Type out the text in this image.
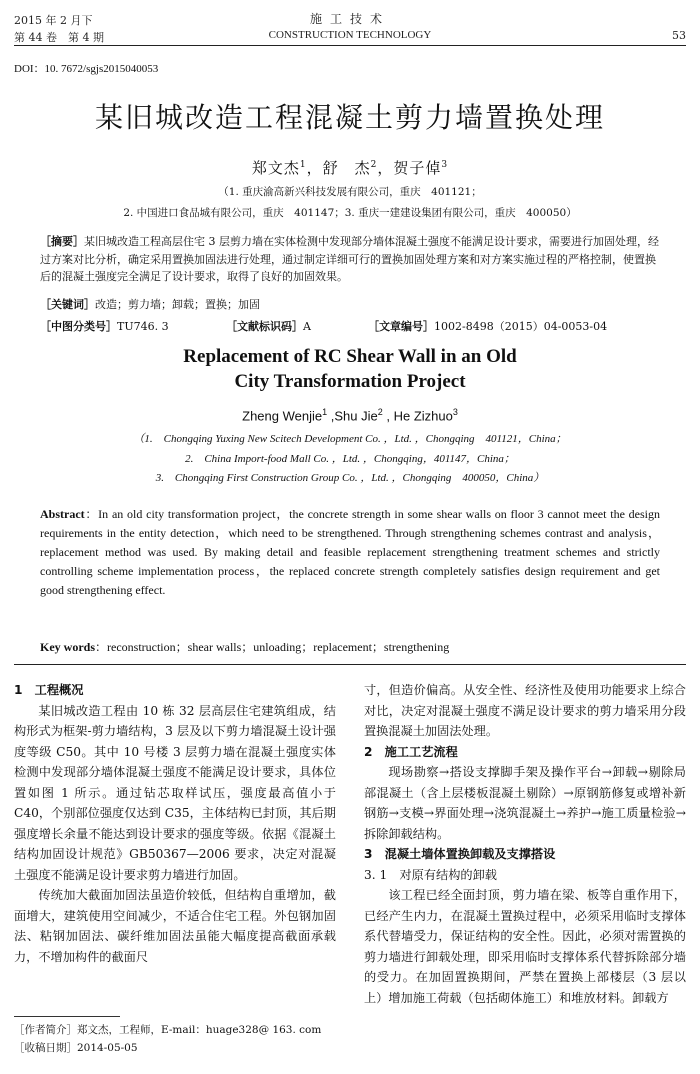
2015 年 2 月下
第 44 卷　第 4 期
施工技术
CONSTRUCTION TECHNOLOGY	53
DOI：10. 7672/sgjs2015040053
某旧城改造工程混凝土剪力墙置换处理
郑文杰$^1$，舒　杰$^2$，贺子倬$^3$
（1. 重庆渝高新兴科技发展有限公司，重庆　401121；
2. 中国进口食品城有限公司，重庆　401147；3. 重庆一建建设集团有限公司，重庆　400050）
［摘要］某旧城改造工程高层住宅 3 层剪力墙在实体检测中发现部分墙体混凝土强度不能满足设计要求，需要进行加固处理，经过方案对比分析，确定采用置换加固法进行处理，通过制定详细可行的置换加固处理方案和对方案实施过程的严格控制，使置换后的混凝土强度完全满足了设计要求，取得了良好的加固效果。
［关键词］改造；剪力墙；卸载；置换；加固
［中图分类号］TU746. 3	［文献标识码］A	［文章编号］1002-8498（2015）04-0053-04
Replacement of RC Shear Wall in an Old
City Transformation Project
Zheng Wenjie$^1$ ,Shu Jie$^2$ , He Zizhuo$^3$
（1.　Chongqing Yuxing New Scitech Development Co. ，Ltd. ，Chongqing　401121，China；
2.　China Import-food Mall Co. ，Ltd. ，Chongqing，401147，China；
3.　Chongqing First Construction Group Co. ，Ltd. ，Chongqing　400050，China）
Abstract：In an old city transformation project，the concrete strength in some shear walls on floor 3 cannot meet the design requirements in the entity detection，which need to be strengthened. Through strengthening schemes contrast and analysis，replacement method was used. By making detail and feasible replacement strengthening treatment schemes and strictly controlling scheme implementation process，the replaced concrete strength completely satisfies design requirement and get good strengthening effect.
Key words：reconstruction；shear walls；unloading；replacement；strengthening
1　工程概况

某旧城改造工程由 10 栋 32 层高层住宅建筑组成，结构形式为框架-剪力墙结构，3 层及以下剪力墙混凝土设计强度等级 C50。其中 10 号楼 3 层剪力墙在混凝土强度实体检测中发现部分墙体混凝土强度不能满足设计要求，具体位置如图 1 所示。通过钻芯取样试压，强度最高值小于 C40，个别部位强度仅达到 C35，主体结构已封顶，其后期强度增长余量不能达到设计要求的强度等级。依据《混凝土结构加固设计规范》GB50367—2006 要求，决定对混凝土强度不能满足设计要求剪力墙进行加固。

传统加大截面加固法虽造价较低，但结构自重增加，截面增大，建筑使用空间减少，不适合住宅工程。外包钢加固法、粘钢加固法、碳纤维加固法虽能大幅度提高截面承载力，不增加构件的截面尺

寸，但造价偏高。从安全性、经济性及使用功能要求上综合对比，决定对混凝土强度不满足设计要求的剪力墙采用分段置换混凝土加固法处理。

2　施工工艺流程

现场勘察→搭设支撑脚手架及操作平台→卸载→剔除局部混凝土（含上层楼板混凝土剔除）→原钢筋修复或增补新钢筋→支模→界面处理→浇筑混凝土→养护→施工质量检验→拆除卸载结构。

3　混凝土墙体置换卸载及支撑搭设
3. 1　对原有结构的卸载

该工程已经全面封顶，剪力墙在梁、板等自重作用下，已经产生内力，在混凝土置换过程中，必须采用临时支撑体系代替墙受力，保证结构的安全性。因此，必须对需置换的剪力墙进行卸载处理，即采用临时支撑体系代替拆除部分墙的受力。在加固置换期间，严禁在置换上部楼层（3 层以上）增加施工荷载（包括砌体施工）和堆放材料。卸载方

［作者简介］郑文杰，工程师，E-mail：huage328@ 163. com
［收稿日期］2014-05-05
